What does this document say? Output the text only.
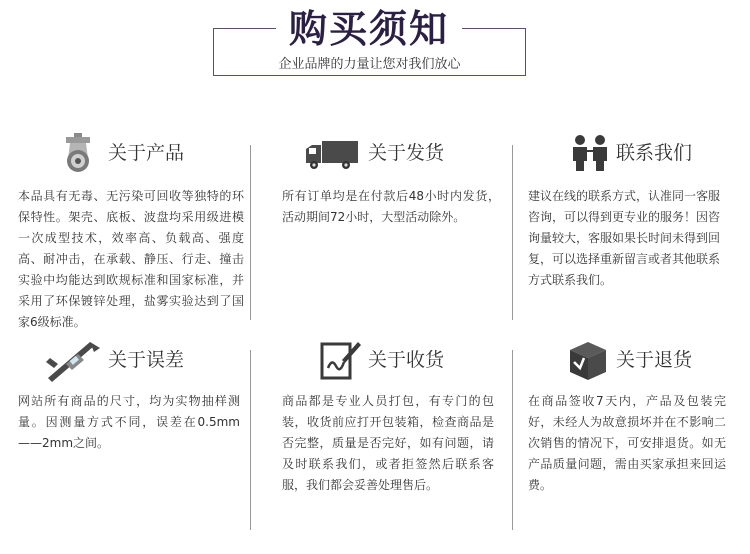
购买须知
企业品牌的力量让您对我们放心
关于产品
本品具有无毒、无污染可回收等独特的环保特性。架壳、底板、波盘均采用级进模一次成型技术，效率高、负载高、强度高、耐冲击，在承载、静压、行走、撞击实验中均能达到欧规标准和国家标准，并采用了环保镀锌处理，盐雾实验达到了国家6级标准。
关于发货
所有订单均是在付款后48小时内发货，活动期间72小时，大型活动除外。
联系我们
建议在线的联系方式，认准同一客服咨询，可以得到更专业的服务！因咨询量较大，客服如果长时间未得到回复，可以选择重新留言或者其他联系方式联系我们。
关于误差
网站所有商品的尺寸，均为实物抽样测量。因测量方式不同，误差在0.5mm——2mm之间。
关于收货
商品都是专业人员打包，有专门的包装，收货前应打开包装箱，检查商品是否完整，质量是否完好，如有问题，请及时联系我们，或者拒签然后联系客服，我们都会妥善处理售后。
关于退货
在商品签收7天内，产品及包装完好，未经人为故意损坏并在不影响二次销售的情况下，可安排退货。如无产品质量问题，需由买家承担来回运费。
